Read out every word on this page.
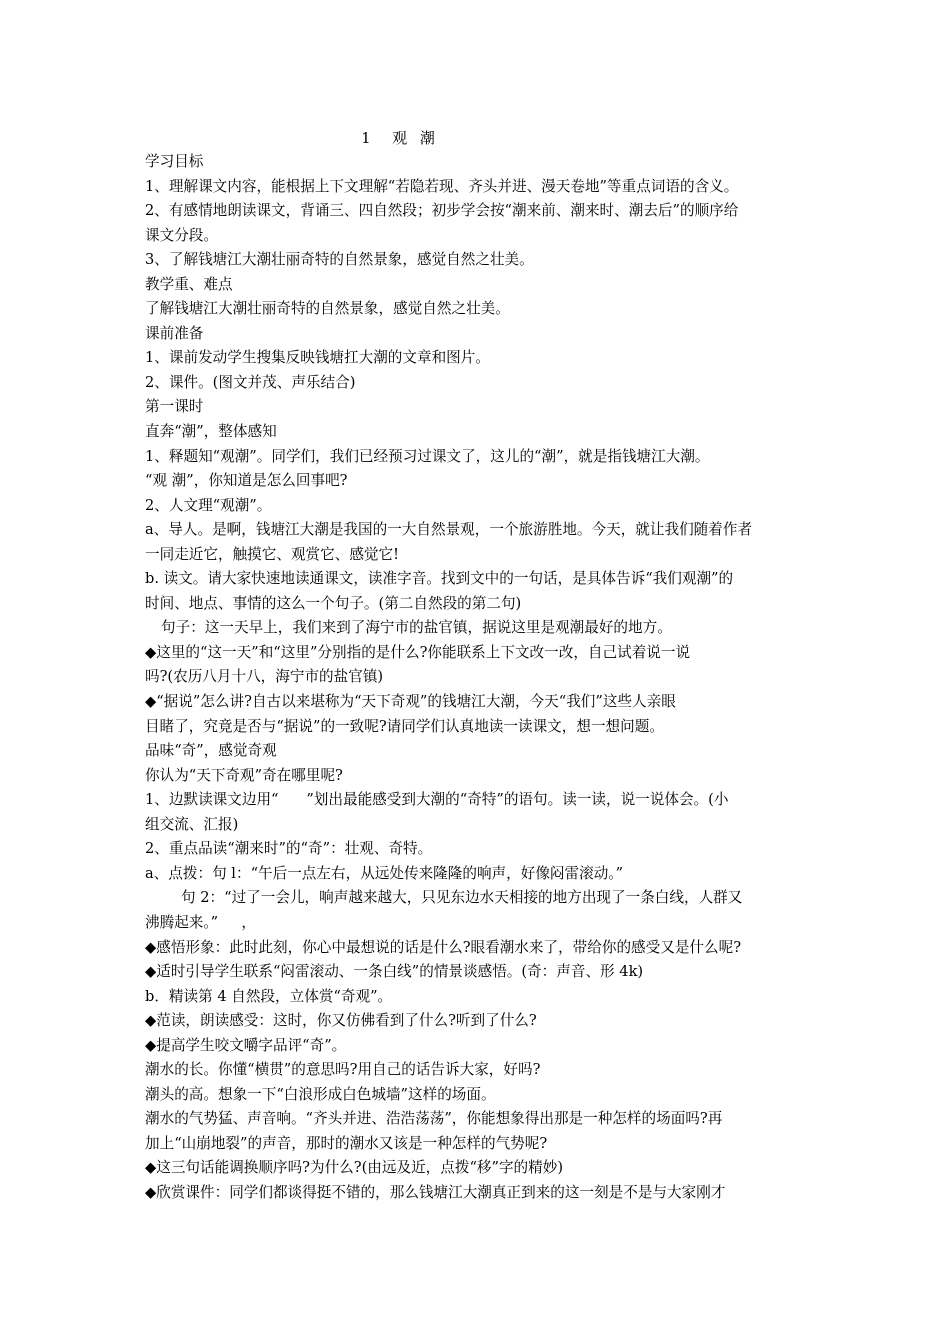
1  观 潮
学习目标
1、理解课文内容，能根据上下文理解“若隐若现、齐头并进、漫天卷地”等重点词语的含义。
2、有感情地朗读课文，背诵三、四自然段；初步学会按“潮来前、潮来时、潮去后”的顺序给
课文分段。
3、了解钱塘江大潮壮丽奇特的自然景象，感觉自然之壮美。
教学重、难点
了解钱塘江大潮壮丽奇特的自然景象，感觉自然之壮美。
课前准备
1、课前发动学生搜集反映钱塘扛大潮的文章和图片。
2、课件。(图文并茂、声乐结合)
第一课时
直奔“潮”，整体感知
1、释题知“观潮”。同学们，我们已经预习过课文了，这儿的“潮”，就是指钱塘江大潮。
“观 潮”，你知道是怎么回事吧?
2、人文理“观潮”。
a、导人。是啊，钱塘江大潮是我国的一大自然景观，一个旅游胜地。今天，就让我们随着作者
一同走近它，触摸它、观赏它、感觉它!
b. 读文。请大家快速地读通课文，读准字音。找到文中的一句话，是具体告诉“我们观潮”的
时间、地点、事情的这么一个句子。(第二自然段的第二句)
句子：这一天早上，我们来到了海宁市的盐官镇，据说这里是观潮最好的地方。
◆这里的“这一天”和“这里”分别指的是什么?你能联系上下文改一改，自己试着说一说
吗?(农历八月十八，海宁市的盐官镇)
◆“据说”怎么讲?自古以来堪称为“天下奇观”的钱塘江大潮，今天“我们”这些人亲眼
目睹了，究竟是否与“据说”的一致呢?请同学们认真地读一读课文，想一想问题。
品味“奇”，感觉奇观
你认为“天下奇观”奇在哪里呢?
1、边默读课文边用“      ”划出最能感受到大潮的“奇特”的语句。读一读，说一说体会。(小
组交流、汇报)
2、重点品读“潮来时”的“奇”：壮观、奇特。
a、点拨：句 l：“午后一点左右，从远处传来隆隆的响声，好像闷雷滚动。”
句 2：“过了一会儿，响声越来越大，只见东边水天相接的地方出现了一条白线，人群又
沸腾起来。”     ，
◆感悟形象：此时此刻，你心中最想说的话是什么?眼看潮水来了，带给你的感受又是什么呢?
◆适时引导学生联系“闷雷滚动、一条白线”的情景谈感悟。(奇：声音、形 4k)
b．精读第 4 自然段，立体赏“奇观”。
◆范读，朗读感受：这时，你又仿佛看到了什么?听到了什么?
◆提高学生咬文嚼字品评“奇”。
潮水的长。你懂“横贯”的意思吗?用自己的话告诉大家，好吗?
潮头的高。想象一下“白浪形成白色城墙”这样的场面。
潮水的气势猛、声音响。“齐头并进、浩浩荡荡”，你能想象得出那是一种怎样的场面吗?再
加上“山崩地裂”的声音，那时的潮水又该是一种怎样的气势呢?
◆这三句话能调换顺序吗?为什么?(由远及近，点拨“移”字的精妙)
◆欣赏课件：同学们都谈得挺不错的，那么钱塘江大潮真正到来的这一刻是不是与大家刚才
